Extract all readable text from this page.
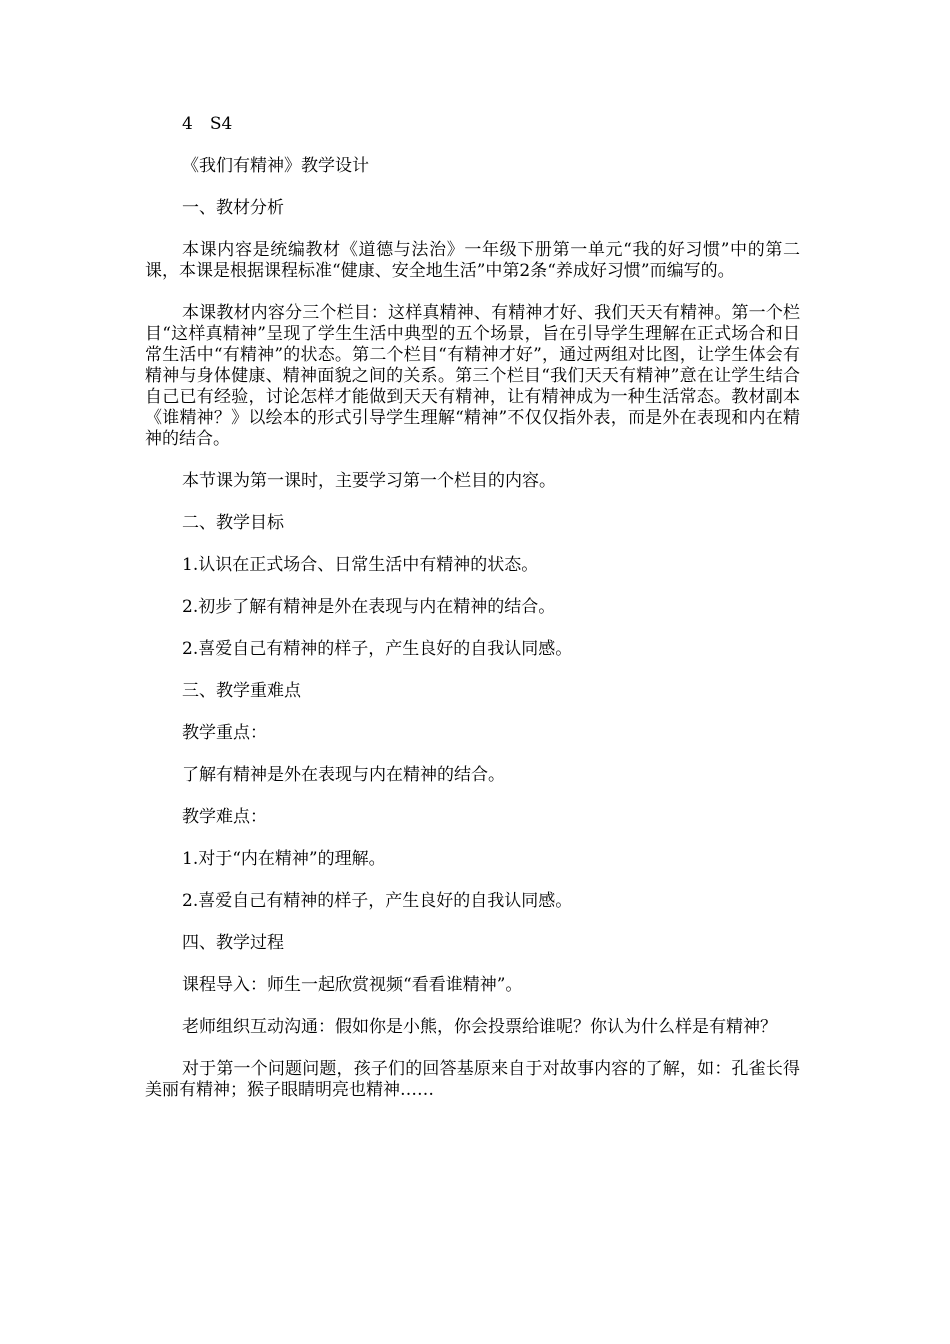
4　S4

《我们有精神》教学设计

一、教材分析

本课内容是统编教材《道德与法治》一年级下册第一单元“我的好习惯”中的第二课，本课是根据课程标准“健康、安全地生活”中第2条“养成好习惯”而编写的。

本课教材内容分三个栏目：这样真精神、有精神才好、我们天天有精神。第一个栏目“这样真精神”呈现了学生生活中典型的五个场景，旨在引导学生理解在正式场合和日常生活中“有精神”的状态。第二个栏目“有精神才好”，通过两组对比图，让学生体会有精神与身体健康、精神面貌之间的关系。第三个栏目“我们天天有精神”意在让学生结合自己已有经验，讨论怎样才能做到天天有精神，让有精神成为一种生活常态。教材副本《谁精神？》以绘本的形式引导学生理解“精神”不仅仅指外表，而是外在表现和内在精神的结合。

本节课为第一课时，主要学习第一个栏目的内容。

二、教学目标

1.认识在正式场合、日常生活中有精神的状态。

2.初步了解有精神是外在表现与内在精神的结合。

2.喜爱自己有精神的样子，产生良好的自我认同感。

三、教学重难点

教学重点：

了解有精神是外在表现与内在精神的结合。

教学难点：

1.对于“内在精神”的理解。

2.喜爱自己有精神的样子，产生良好的自我认同感。

四、教学过程

课程导入：师生一起欣赏视频“看看谁精神”。

老师组织互动沟通：假如你是小熊，你会投票给谁呢？你认为什么样是有精神？

对于第一个问题问题，孩子们的回答基原来自于对故事内容的了解，如：孔雀长得美丽有精神；猴子眼睛明亮也精神……
